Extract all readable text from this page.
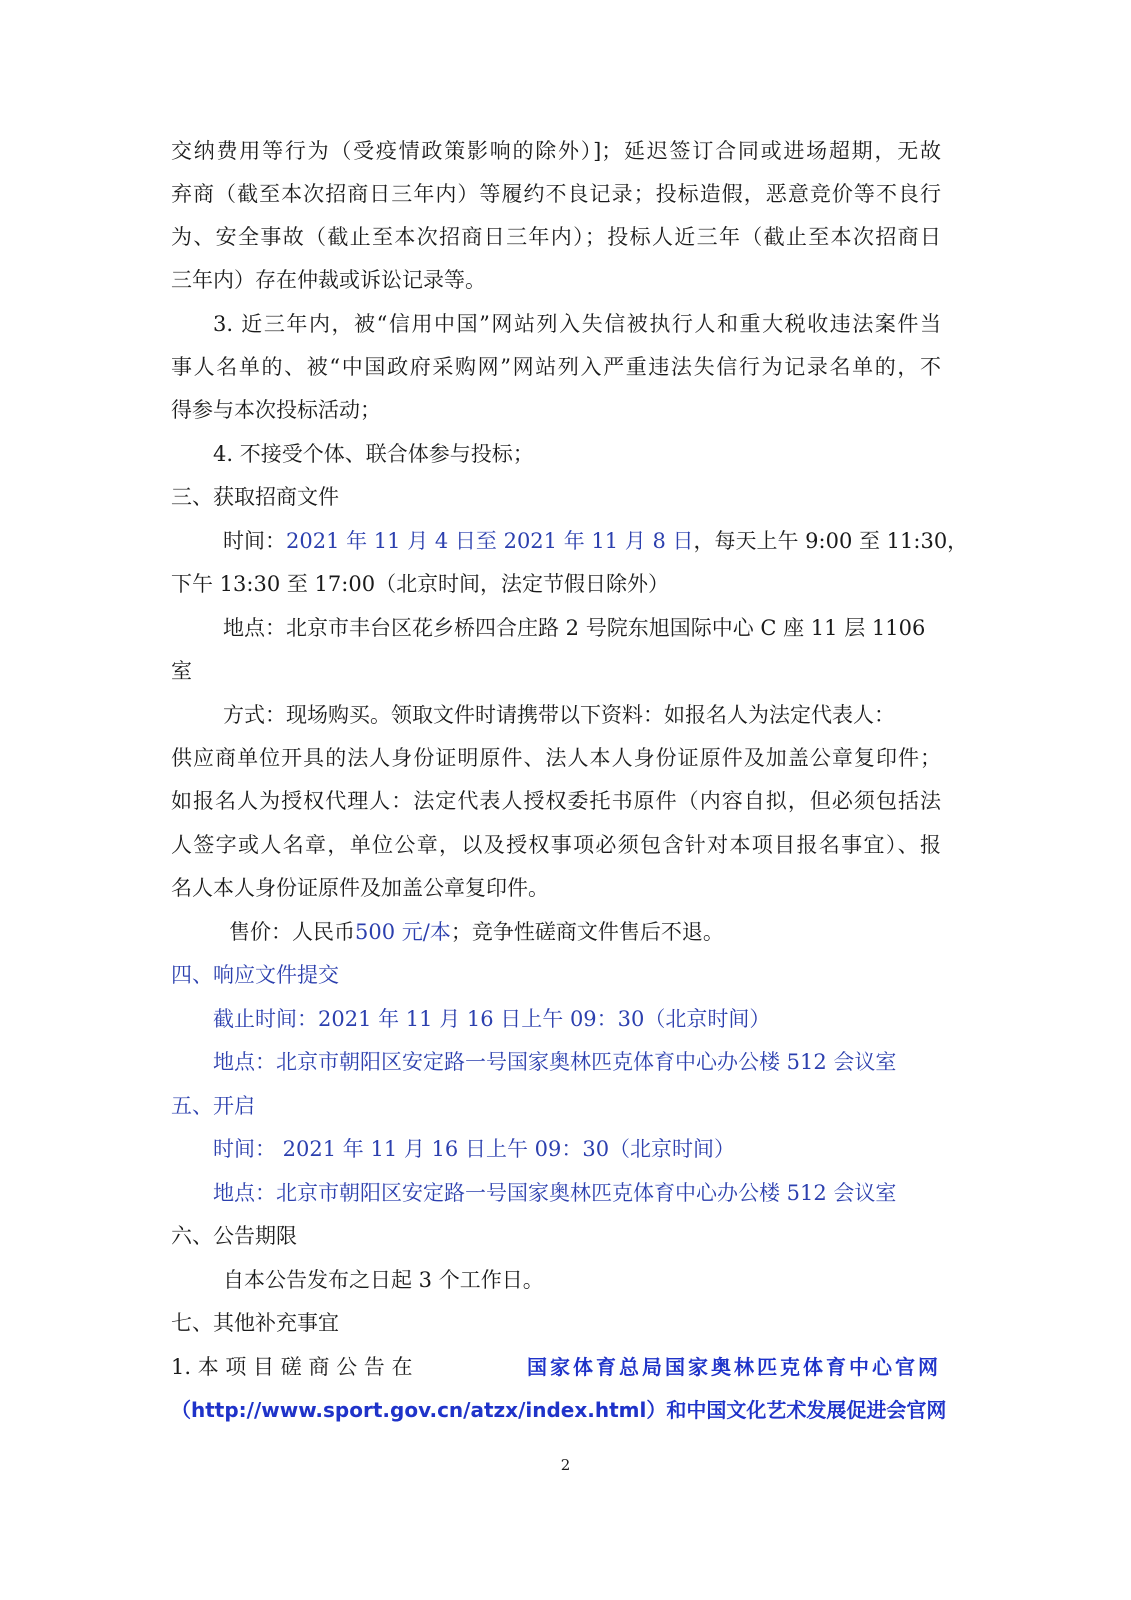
交纳费用等行为（受疫情政策影响的除外）]；延迟签订合同或进场超期，无故
弃商（截至本次招商日三年内）等履约不良记录；投标造假，恶意竞价等不良行
为、安全事故（截止至本次招商日三年内）；投标人近三年（截止至本次招商日
三年内）存在仲裁或诉讼记录等。
3. 近三年内，被“信用中国”网站列入失信被执行人和重大税收违法案件当
事人名单的、被“中国政府采购网”网站列入严重违法失信行为记录名单的，不
得参与本次投标活动；
4. 不接受个体、联合体参与投标；
三、获取招商文件
时间：2021 年 11 月 4 日至 2021 年 11 月 8 日，每天上午 9:00 至 11:30，
下午 13:30 至 17:00（北京时间，法定节假日除外）
地点：北京市丰台区花乡桥四合庄路 2 号院东旭国际中心 C 座 11 层 1106
室
方式：现场购买。领取文件时请携带以下资料：如报名人为法定代表人：
供应商单位开具的法人身份证明原件、法人本人身份证原件及加盖公章复印件；
如报名人为授权代理人：法定代表人授权委托书原件（内容自拟，但必须包括法
人签字或人名章，单位公章，以及授权事项必须包含针对本项目报名事宜）、报
名人本人身份证原件及加盖公章复印件。
售价：人民币500 元/本；竞争性磋商文件售后不退。
四、响应文件提交
截止时间：2021 年 11 月 16 日上午 09：30（北京时间）
地点：北京市朝阳区安定路一号国家奥林匹克体育中心办公楼 512 会议室
五、开启
时间： 2021 年 11 月 16 日上午 09：30（北京时间）
地点：北京市朝阳区安定路一号国家奥林匹克体育中心办公楼 512 会议室
六、公告期限
自本公告发布之日起 3 个工作日。
七、其他补充事宜
1. 本 项 目 磋 商 公 告 在	国家体育总局国家奥林匹克体育中心官网
（http://www.sport.gov.cn/atzx/index.html）和中国文化艺术发展促进会官网
2
